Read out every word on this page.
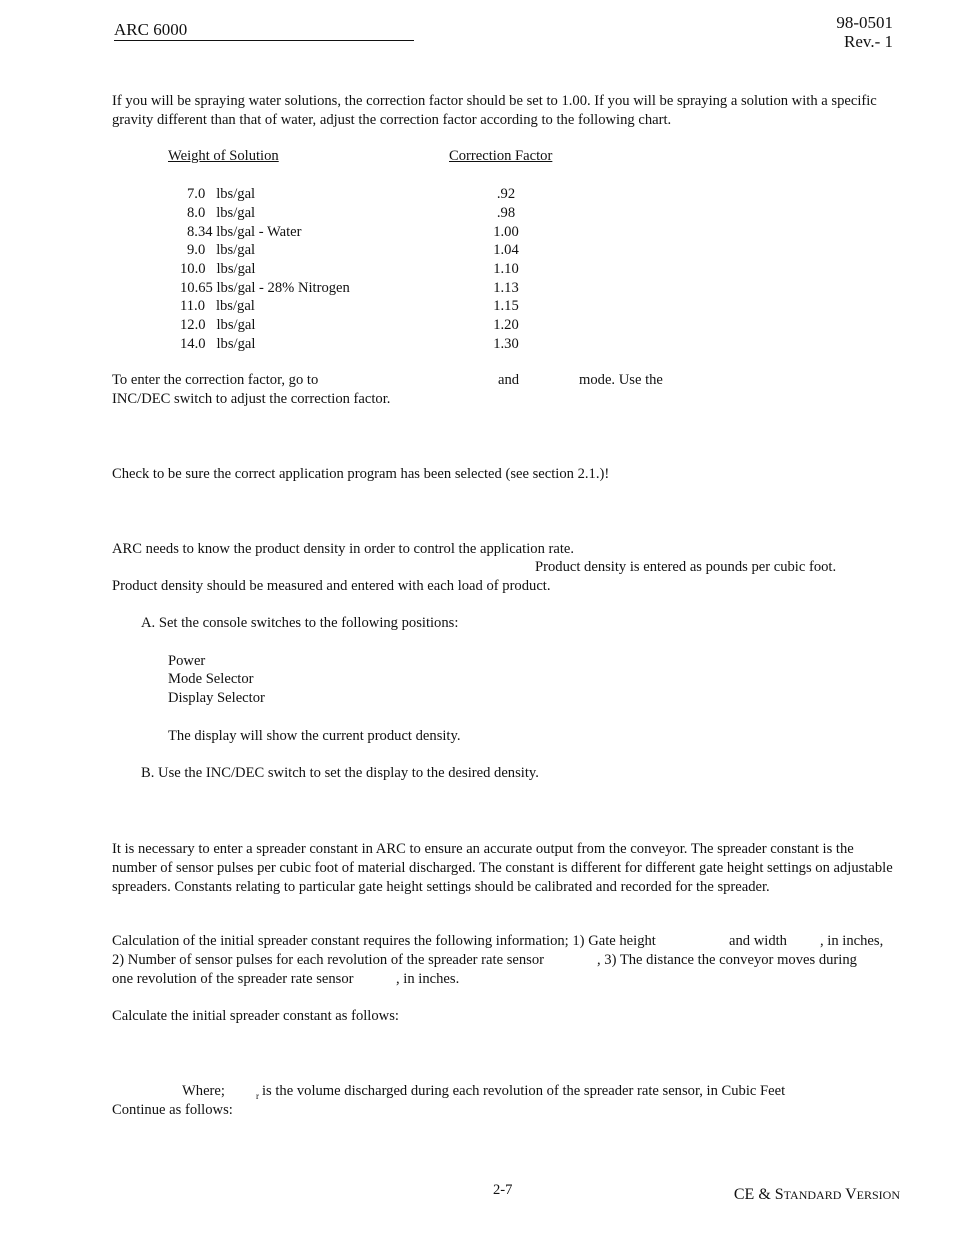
ARC 6000	98-0501
Rev.- 1
If you will be spraying water solutions, the correction factor should be set to 1.00. If you will be spraying a solution with a specific gravity different than that of water, adjust the correction factor according to the following chart.
Weight of Solution	Correction Factor
7.0   lbs/gal	.92
8.0   lbs/gal	.98
8.34 lbs/gal - Water	1.00
9.0   lbs/gal	1.04
10.0   lbs/gal	1.10
10.65 lbs/gal - 28% Nitrogen	1.13
11.0   lbs/gal	1.15
12.0   lbs/gal	1.20
14.0   lbs/gal	1.30
To enter the correction factor, go to	and	mode. Use the
INC/DEC switch to adjust the correction factor.
Check to be sure the correct application program has been selected (see section 2.1.)!
ARC needs to know the product density in order to control the application rate.
Product density is entered as pounds per cubic foot.
Product density should be measured and entered with each load of product.
A. Set the console switches to the following positions:
Power
Mode Selector
Display Selector
The display will show the current product density.
B. Use the INC/DEC switch to set the display to the desired density.
It is necessary to enter a spreader constant in ARC to ensure an accurate output from the conveyor. The spreader constant is the number of sensor pulses per cubic foot of material discharged. The constant is different for different gate height settings on adjustable spreaders. Constants relating to particular gate height settings should be calibrated and recorded for the spreader.
Calculation of the initial spreader constant requires the following information; 1) Gate height	and width , in inches,
2) Number of sensor pulses for each revolution of the spreader rate sensor	, 3) The distance the conveyor moves during
one revolution of the spreader rate sensor	, in inches.
Calculate the initial spreader constant as follows:
Where;	r is the volume discharged during each revolution of the spreader rate sensor, in Cubic Feet
Continue as follows:
2-7	CE & STANDARD VERSION
